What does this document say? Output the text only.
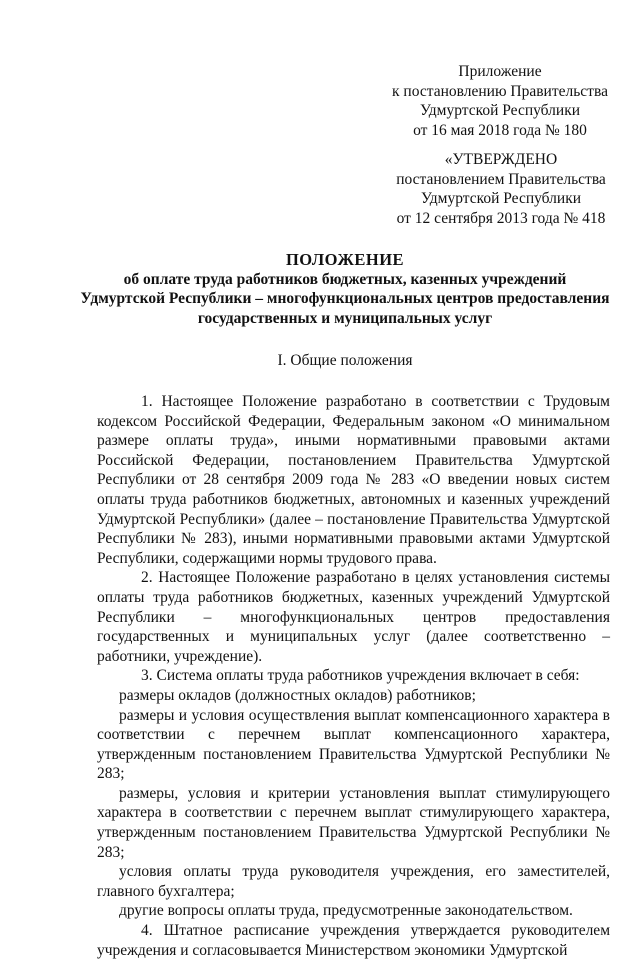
Приложение
к постановлению Правительства
Удмуртской Республики
от 16 мая 2018 года № 180
«УТВЕРЖДЕНО
постановлением Правительства
Удмуртской Республики
от 12 сентября 2013 года № 418
ПОЛОЖЕНИЕ
об оплате труда работников бюджетных, казенных учреждений
Удмуртской Республики – многофункциональных центров предоставления
государственных и муниципальных услуг
I. Общие положения

1. Настоящее Положение разработано в соответствии с Трудовым кодексом Российской Федерации, Федеральным законом «О минимальном размере оплаты труда», иными нормативными правовыми актами Российской Федерации, постановлением Правительства Удмуртской Республики от 28 сентября 2009 года № 283 «О введении новых систем оплаты труда работников бюджетных, автономных и казенных учреждений Удмуртской Республики» (далее – постановление Правительства Удмуртской Республики № 283), иными нормативными правовыми актами Удмуртской Республики, содержащими нормы трудового права.

2. Настоящее Положение разработано в целях установления системы оплаты труда работников бюджетных, казенных учреждений Удмуртской Республики – многофункциональных центров предоставления государственных и муниципальных услуг (далее соответственно – работники, учреждение).

3. Система оплаты труда работников учреждения включает в себя:

размеры окладов (должностных окладов) работников;

размеры и условия осуществления выплат компенсационного характера в соответствии с перечнем выплат компенсационного характера, утвержденным постановлением Правительства Удмуртской Республики № 283;

размеры, условия и критерии установления выплат стимулирующего характера в соответствии с перечнем выплат стимулирующего характера, утвержденным постановлением Правительства Удмуртской Республики № 283;

условия оплаты труда руководителя учреждения, его заместителей, главного бухгалтера;

другие вопросы оплаты труда, предусмотренные законодательством.

4. Штатное расписание учреждения утверждается руководителем учреждения и согласовывается Министерством экономики Удмуртской
